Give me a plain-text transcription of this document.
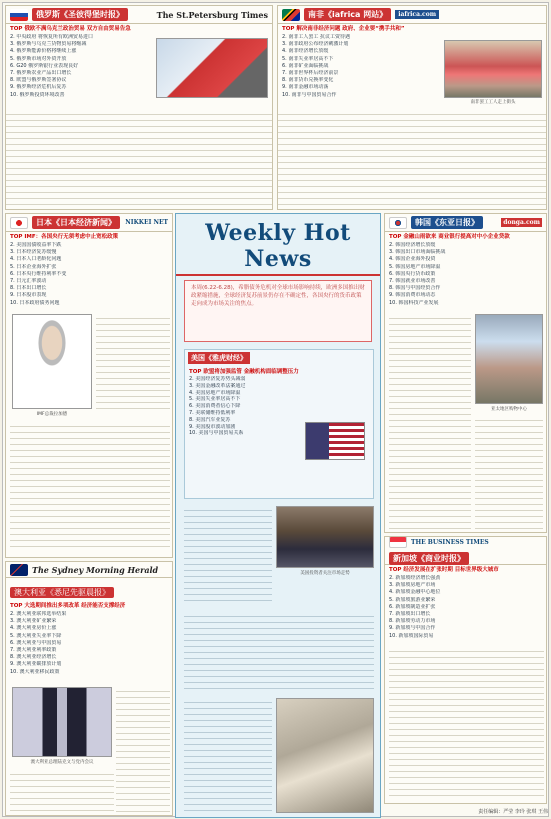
俄罗斯《圣彼得堡时报》	The St.Petersburg Times
TOP 俄欧不满乌克兰政治贸易 双方自由贸易告急
2. 中央政府 将恢复所有欧洲贸易进口
3. 俄罗斯与乌克兰货物贸易将缩减
4. 俄罗斯能源价格将继续上涨
5. 俄罗斯市场对外资开放
6. G20 俄罗斯银行业表现良好
7. 俄罗斯农业产品出口增长
8. 欧盟与俄罗斯签署协议
9. 俄罗斯经济危机后复苏
10. 俄罗斯投资环境改善
南非《iafrica 网站》	iafrica.com
TOP 解决南非经济问题 政府、企业要“携手共和”
2. 南非工人罢工 抗议工资待遇
3. 南非政府公布经济刺激计划
4. 南非经济增长放缓
5. 南非失业率居高不下
6. 南非矿业面临挑战
7. 南非世界杯后经济前景
8. 南非货币兑换率变化
9. 南非金融市场动荡
10. 南非与中国贸易合作
南非罢工工人走上街头
日本《日本经济新闻》	NIKKEI NET
TOP IMF：各国央行无须考虑中止宽松政策
2. 美国国债收益率下跌
3. 日本经济复苏缓慢
4. 日本人口老龄化问题
5. 日本企业海外扩张
6. 日本央行维持利率不变
7. 日元汇率波动
8. 日本出口增长
9. 日本股市表现
10. 日本政府债务问题
IMF总裁拉加德
Weekly Hot News
本周(6.22-6.28)，希腊债务危机对全球市场影响持续，欧洲多国推出财政紧缩措施，全球经济复苏前景仍存在不确定性，各国央行的货币政策走向成为市场关注的焦点。
美国《雅虎财经》
TOP 欧盟将加强监管 金融机构面临调整压力
2. 美国经济复苏势头减弱
3. 美国金融改革法案通过
4. 美国房地产市场降温
5. 美国失业率居高不下
6. 美国消费者信心下降
7. 美联储维持低利率
8. 美国汽车业复苏
9. 美国股市波动加剧
10. 美国与中国贸易关系
美国投资者关注市场走势
韩国《东亚日报》	donga.com
TOP 金融山雨欲来 商业银行提高对中小企业贷款
2. 韩国经济增长放缓
3. 韩国出口市场面临挑战
4. 韩国企业海外投资
5. 韩国房地产市场降温
6. 韩国央行货币政策
7. 韩国就业市场改善
8. 韩国与中国经贸合作
9. 韩国消费市场动态
10. 韩国科技产业发展
亚太地区购物中心
The Sydney Morning Herald
澳大利亚《悉尼先驱晨报》
TOP 大选期间推出多项改革 经济能否支撑经济
2. 澳大利亚联邦选举结果
3. 澳大利亚矿业繁荣
4. 澳大利亚房价上涨
5. 澳大利亚失业率下降
6. 澳大利亚与中国贸易
7. 澳大利亚利率政策
8. 澳大利亚经济增长
9. 澳大利亚碳排放计划
10. 澳大利亚移民政策
澳大利亚总理陆克文与党内会议
THE BUSINESS TIMES
新加坡《商业时报》
TOP 经济发展在扩张时期 目标世界级大城市
2. 新加坡经济增长强劲
3. 新加坡房地产市场
4. 新加坡金融中心地位
5. 新加坡旅游业繁荣
6. 新加坡制造业扩张
7. 新加坡出口增长
8. 新加坡劳动力市场
9. 新加坡与中国合作
10. 新加坡国际贸易
责任编辑：严莹 李玲 张琪 王伟
